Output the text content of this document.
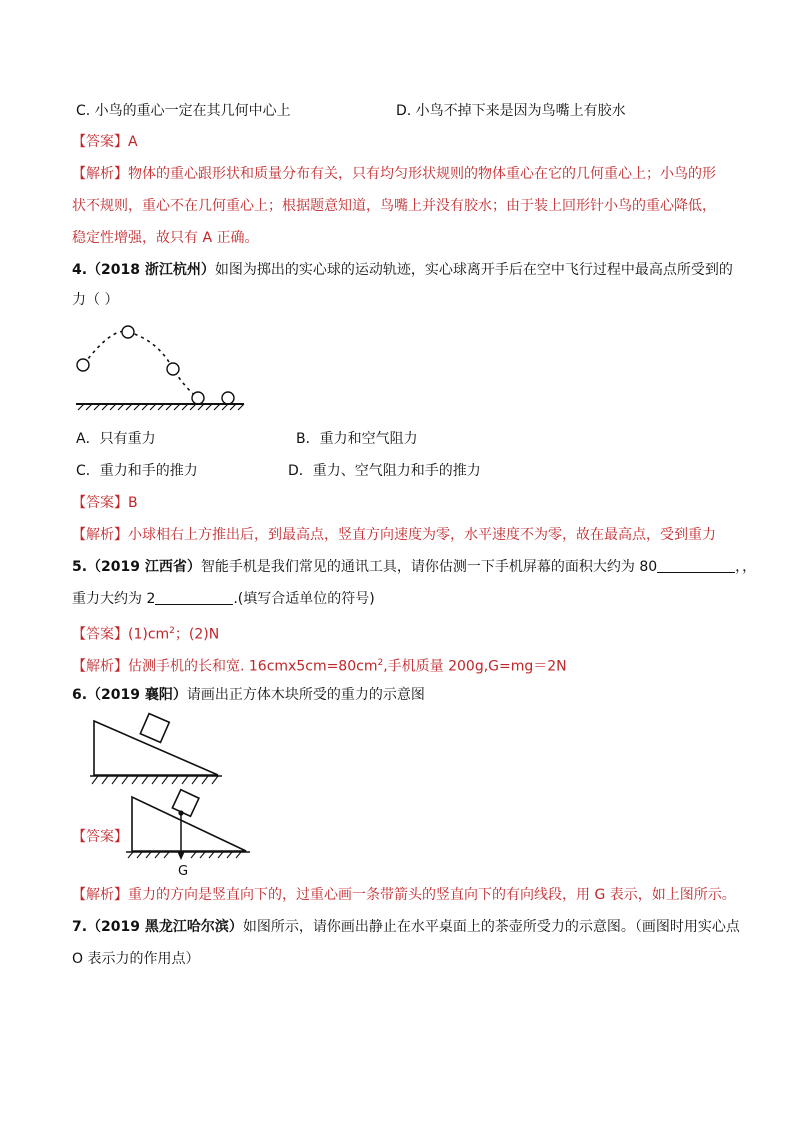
C. 小鸟的重心一定在其几何中心上	D. 小鸟不掉下来是因为鸟嘴上有胶水
【答案】A
【解析】物体的重心跟形状和质量分布有关，只有均匀形状规则的物体重心在它的几何重心上；小鸟的形
状不规则，重心不在几何重心上；根据题意知道，鸟嘴上并没有胶水；由于装上回形针小鸟的重心降低，
稳定性增强，故只有 A 正确。
4.（2018 浙江杭州）如图为掷出的实心球的运动轨迹，实心球离开手后在空中飞行过程中最高点所受到的
力（ ）
A．只有重力	B．重力和空气阻力
C．重力和手的推力	D．重力、空气阻力和手的推力
【答案】B
【解析】小球相右上方推出后，到最高点，竖直方向速度为零，水平速度不为零，故在最高点，受到重力
5.（2019 江西省）智能手机是我们常见的通讯工具，请你估测一下手机屏幕的面积大约为 80	，，
重力大约为 2	.(填写合适单位的符号)
【答案】$(1)cm^2$；(2)N
【解析】估测手机的长和宽. $16cmx5cm=80cm^2$,手机质量 200g,G=mg＝2N
6.（2019 襄阳）请画出正方体木块所受的重力的示意图
【答案】
G
【解析】重力的方向是竖直向下的，过重心画一条带箭头的竖直向下的有向线段，用 G 表示，如上图所示。
7.（2019 黑龙江哈尔滨）如图所示，请你画出静止在水平桌面上的茶壶所受力的示意图。（画图时用实心点
O 表示力的作用点）
